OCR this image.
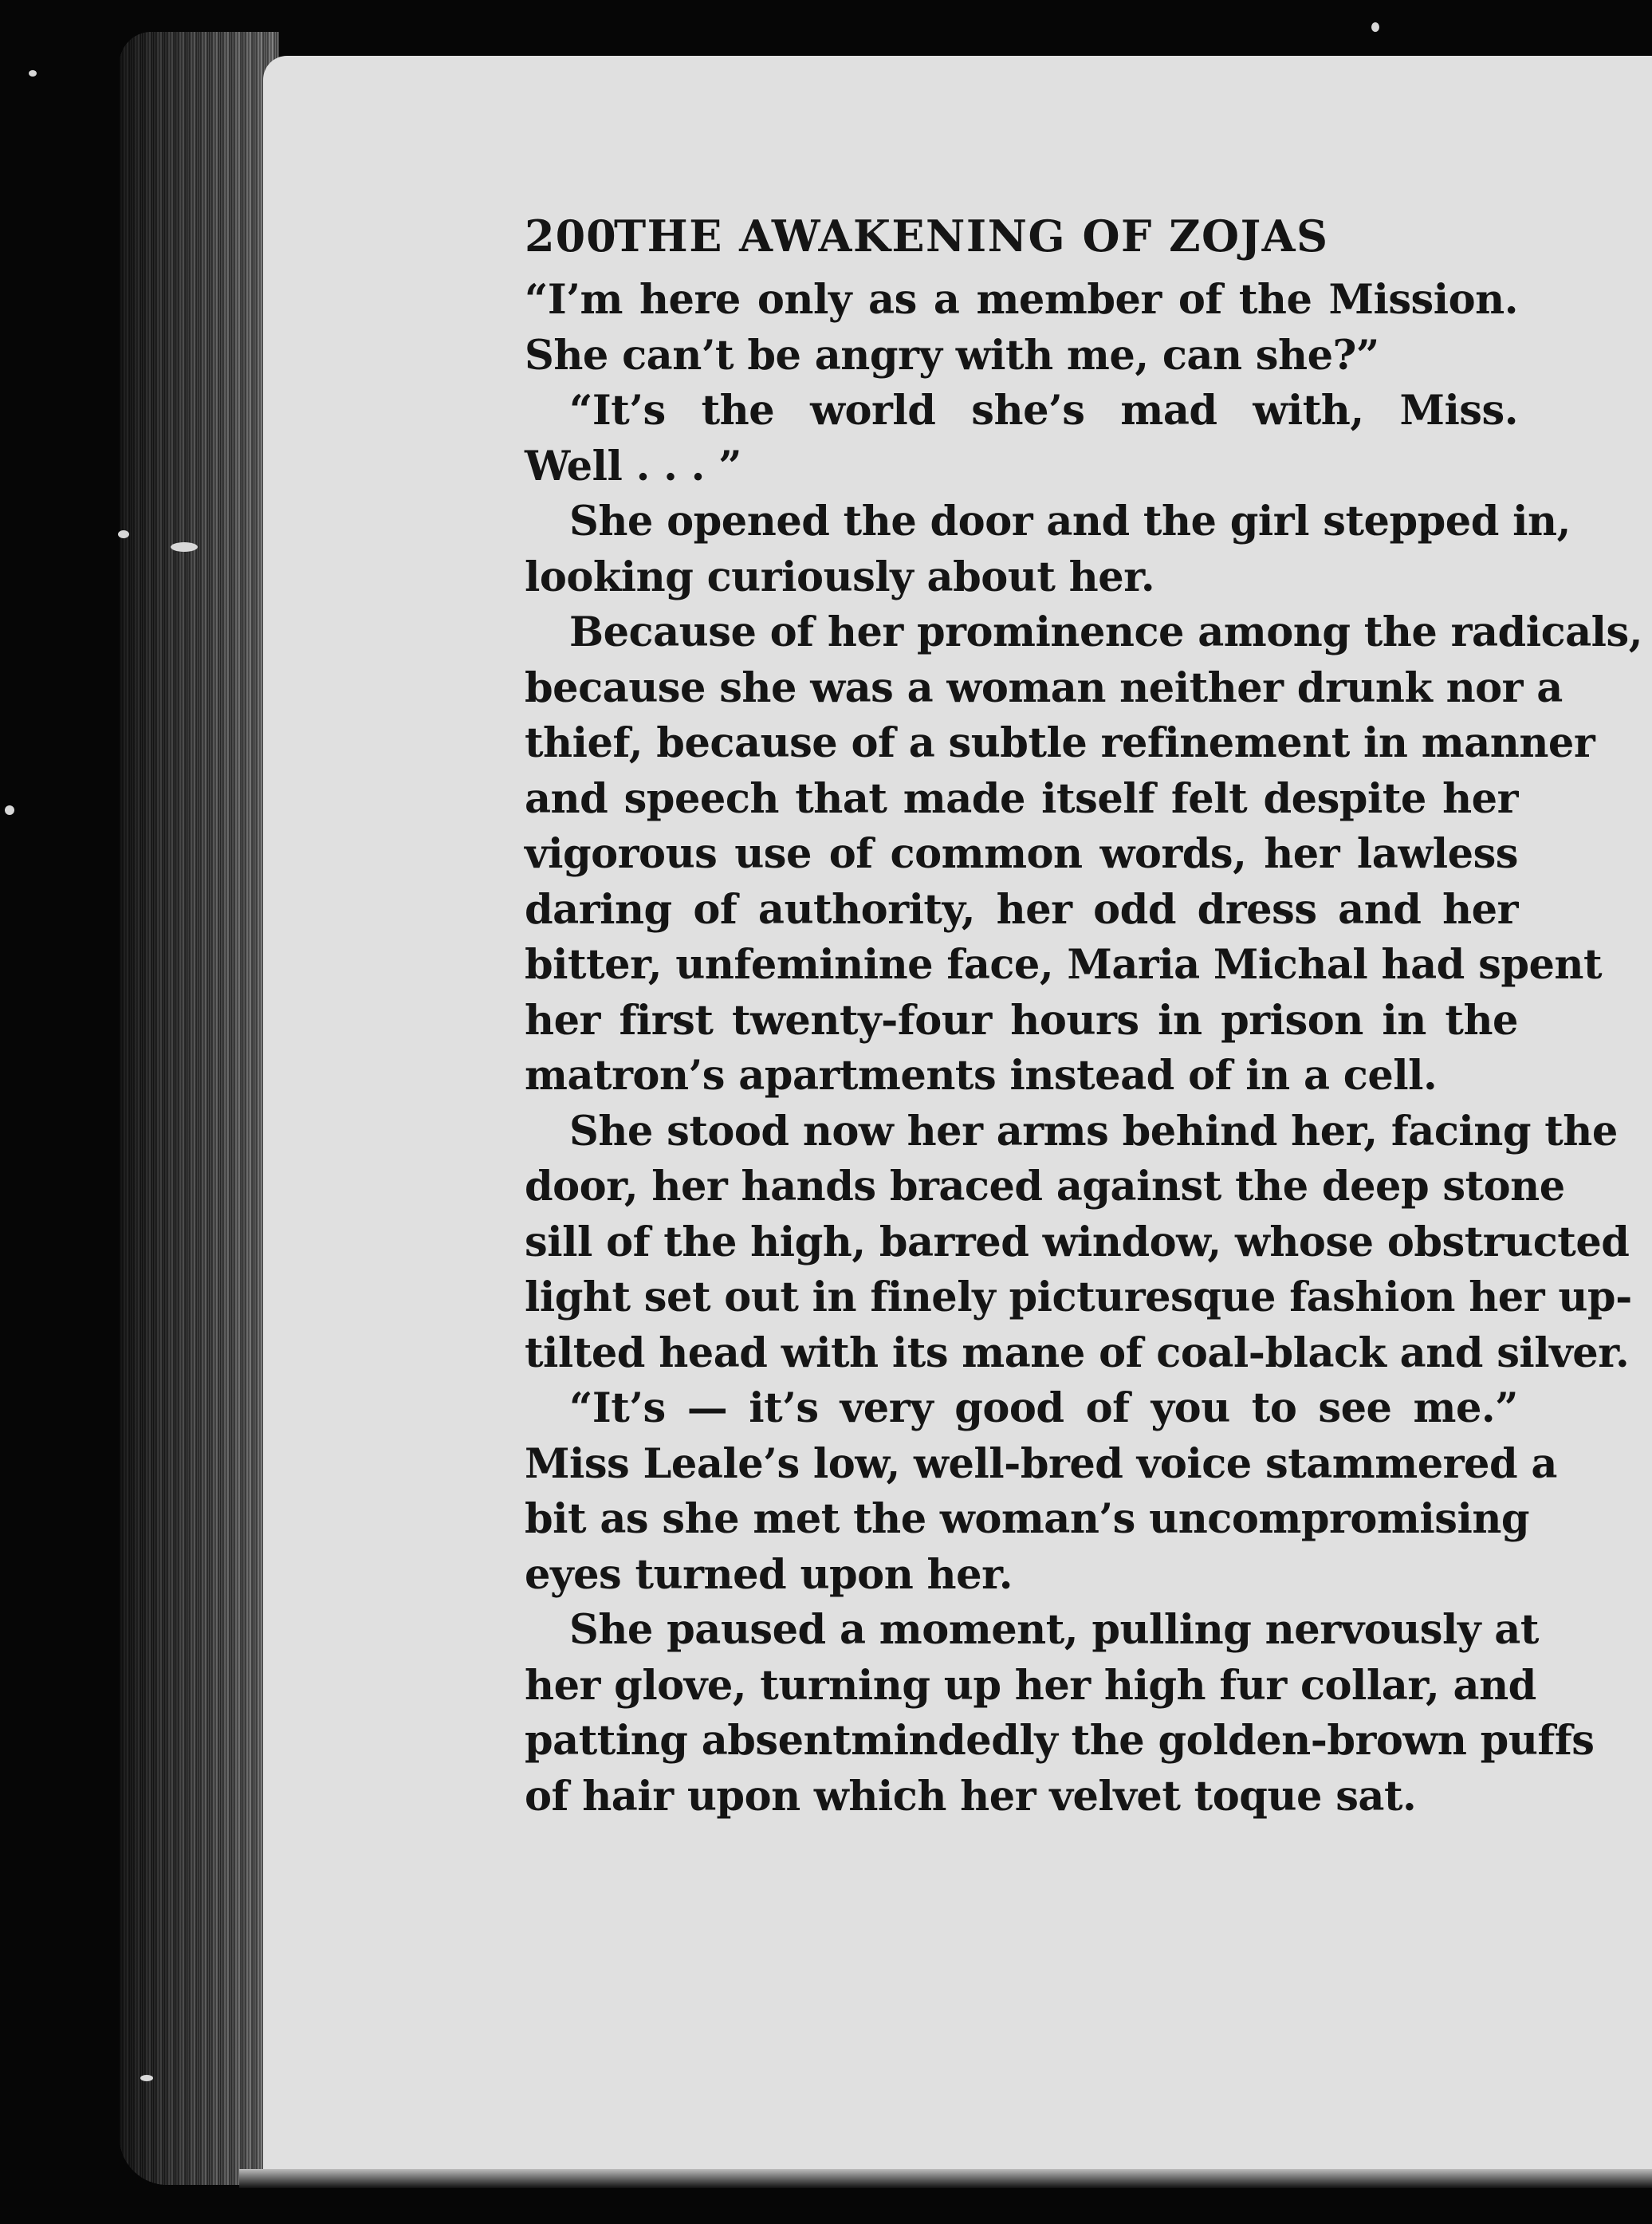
200
THE AWAKENING OF ZOJAS

“I’m here only as a member of the Mission.
She can’t be angry with me, can she?”

“It’s the world she’s mad with, Miss.
Well . . . ”

She opened the door and the girl stepped in,
looking curiously about her.

Because of her prominence among the radicals,
because she was a woman neither drunk nor a
thief, because of a subtle refinement in manner
and speech that made itself felt despite her
vigorous use of common words, her lawless
daring of authority, her odd dress and her
bitter, unfeminine face, Maria Michal had spent
her first twenty-four hours in prison in the
matron’s apartments instead of in a cell.

She stood now her arms behind her, facing the
door, her hands braced against the deep stone
sill of the high, barred window, whose obstructed
light set out in finely picturesque fashion her up-
tilted head with its mane of coal-black and silver.

“It’s — it’s very good of you to see me.”
Miss Leale’s low, well-bred voice stammered a
bit as she met the woman’s uncompromising
eyes turned upon her.

She paused a moment, pulling nervously at
her glove, turning up her high fur collar, and
patting absentmindedly the golden-brown puffs
of hair upon which her velvet toque sat.
